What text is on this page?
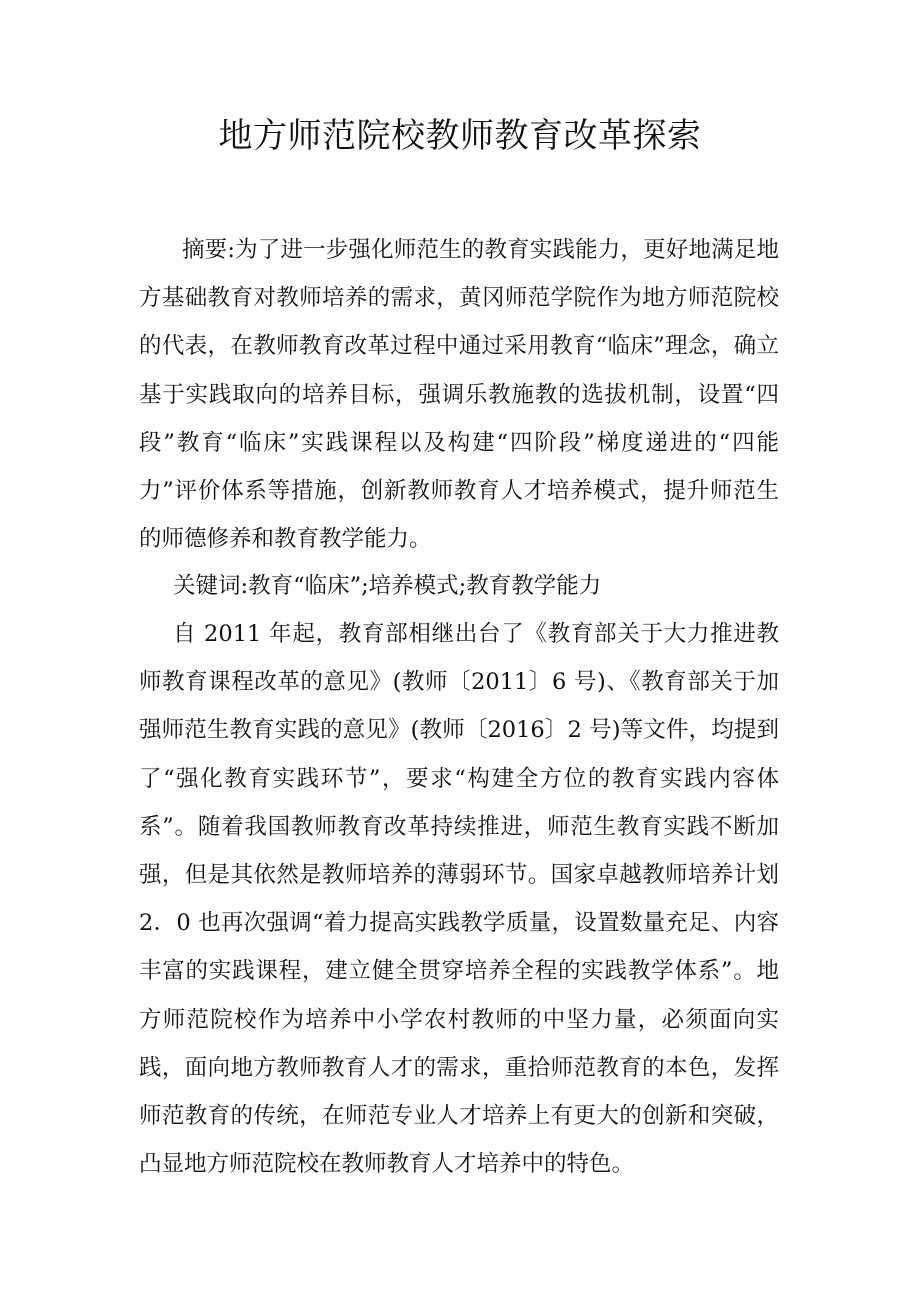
地方师范院校教师教育改革探索

摘要:为了进一步强化师范生的教育实践能力，更好地满足地方基础教育对教师培养的需求，黄冈师范学院作为地方师范院校的代表，在教师教育改革过程中通过采用教育“临床”理念，确立基于实践取向的培养目标，强调乐教施教的选拔机制，设置“四段”教育“临床”实践课程以及构建“四阶段”梯度递进的“四能力”评价体系等措施，创新教师教育人才培养模式，提升师范生的师德修养和教育教学能力。

关键词:教育“临床”;培养模式;教育教学能力

自 2011 年起，教育部相继出台了《教育部关于大力推进教师教育课程改革的意见》(教师〔2011〕6 号)、《教育部关于加强师范生教育实践的意见》(教师〔2016〕2 号)等文件，均提到了“强化教育实践环节”，要求“构建全方位的教育实践内容体系”。随着我国教师教育改革持续推进，师范生教育实践不断加强，但是其依然是教师培养的薄弱环节。国家卓越教师培养计划 2．0 也再次强调“着力提高实践教学质量，设置数量充足、内容丰富的实践课程，建立健全贯穿培养全程的实践教学体系”。地方师范院校作为培养中小学农村教师的中坚力量，必须面向实践，面向地方教师教育人才的需求，重拾师范教育的本色，发挥师范教育的传统，在师范专业人才培养上有更大的创新和突破，凸显地方师范院校在教师教育人才培养中的特色。
